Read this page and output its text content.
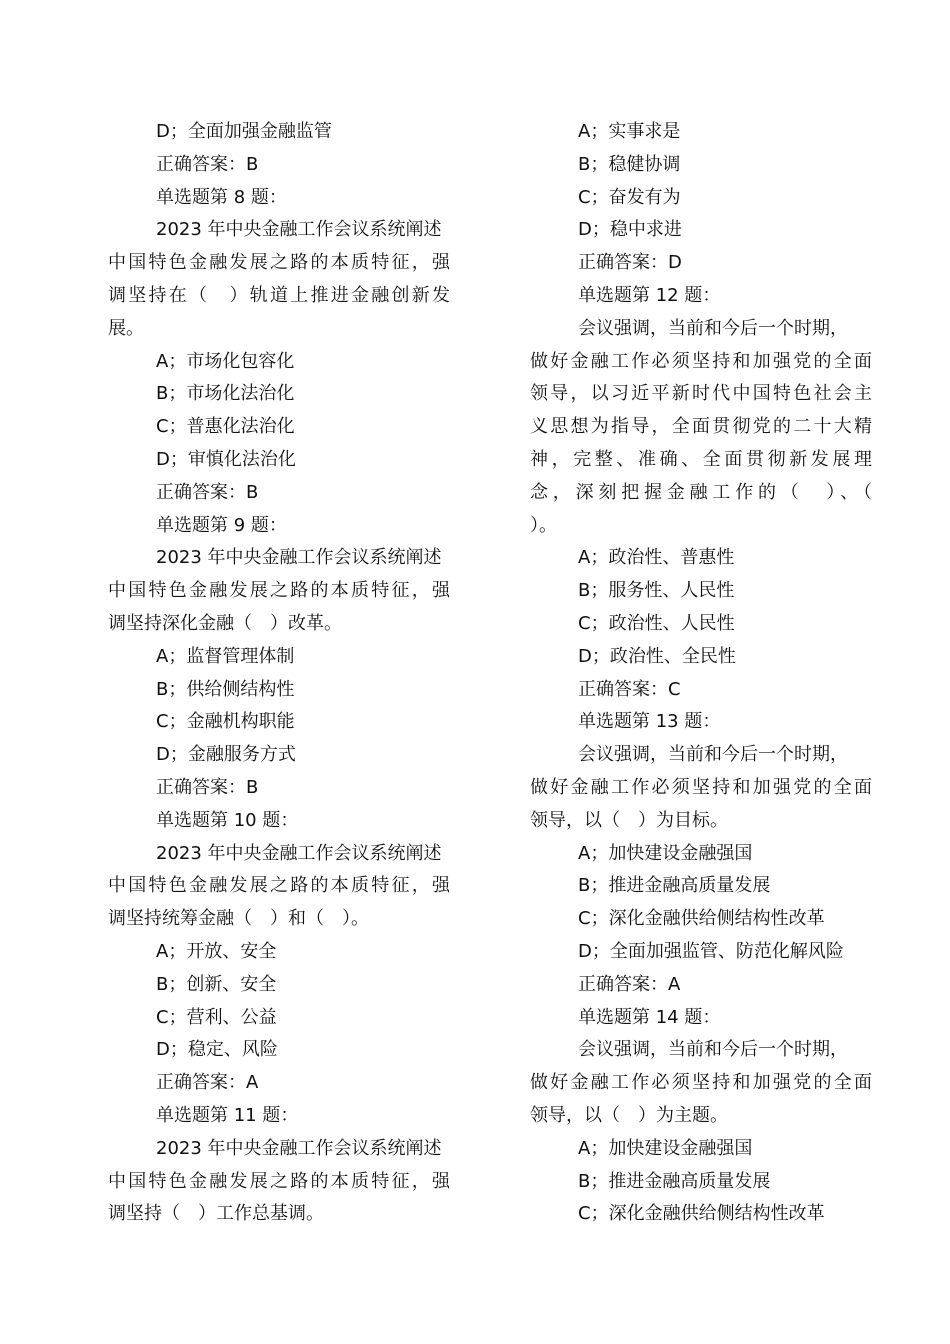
D；全面加强金融监管
正确答案：B
单选题第 8 题：
2023 年中央金融工作会议系统阐述
中国特色金融发展之路的本质特征，强
调坚持在（　）轨道上推进金融创新发
展。
A；市场化包容化
B；市场化法治化
C；普惠化法治化
D；审慎化法治化
正确答案：B
单选题第 9 题：
2023 年中央金融工作会议系统阐述
中国特色金融发展之路的本质特征，强
调坚持深化金融（　）改革。
A；监督管理体制
B；供给侧结构性
C；金融机构职能
D；金融服务方式
正确答案：B
单选题第 10 题：
2023 年中央金融工作会议系统阐述
中国特色金融发展之路的本质特征，强
调坚持统筹金融（　）和（　）。
A；开放、安全
B；创新、安全
C；营利、公益
D；稳定、风险
正确答案：A
单选题第 11 题：
2023 年中央金融工作会议系统阐述
中国特色金融发展之路的本质特征，强
调坚持（　）工作总基调。
A；实事求是
B；稳健协调
C；奋发有为
D；稳中求进
正确答案：D
单选题第 12 题：
会议强调，当前和今后一个时期，
做好金融工作必须坚持和加强党的全面
领导，以习近平新时代中国特色社会主
义思想为指导，全面贯彻党的二十大精
神，完整、准确、全面贯彻新发展理
念，深刻把握金融工作的（　）、（
）。
A；政治性、普惠性
B；服务性、人民性
C；政治性、人民性
D；政治性、全民性
正确答案：C
单选题第 13 题：
会议强调，当前和今后一个时期，
做好金融工作必须坚持和加强党的全面
领导，以（　）为目标。
A；加快建设金融强国
B；推进金融高质量发展
C；深化金融供给侧结构性改革
D；全面加强监管、防范化解风险
正确答案：A
单选题第 14 题：
会议强调，当前和今后一个时期，
做好金融工作必须坚持和加强党的全面
领导，以（　）为主题。
A；加快建设金融强国
B；推进金融高质量发展
C；深化金融供给侧结构性改革
